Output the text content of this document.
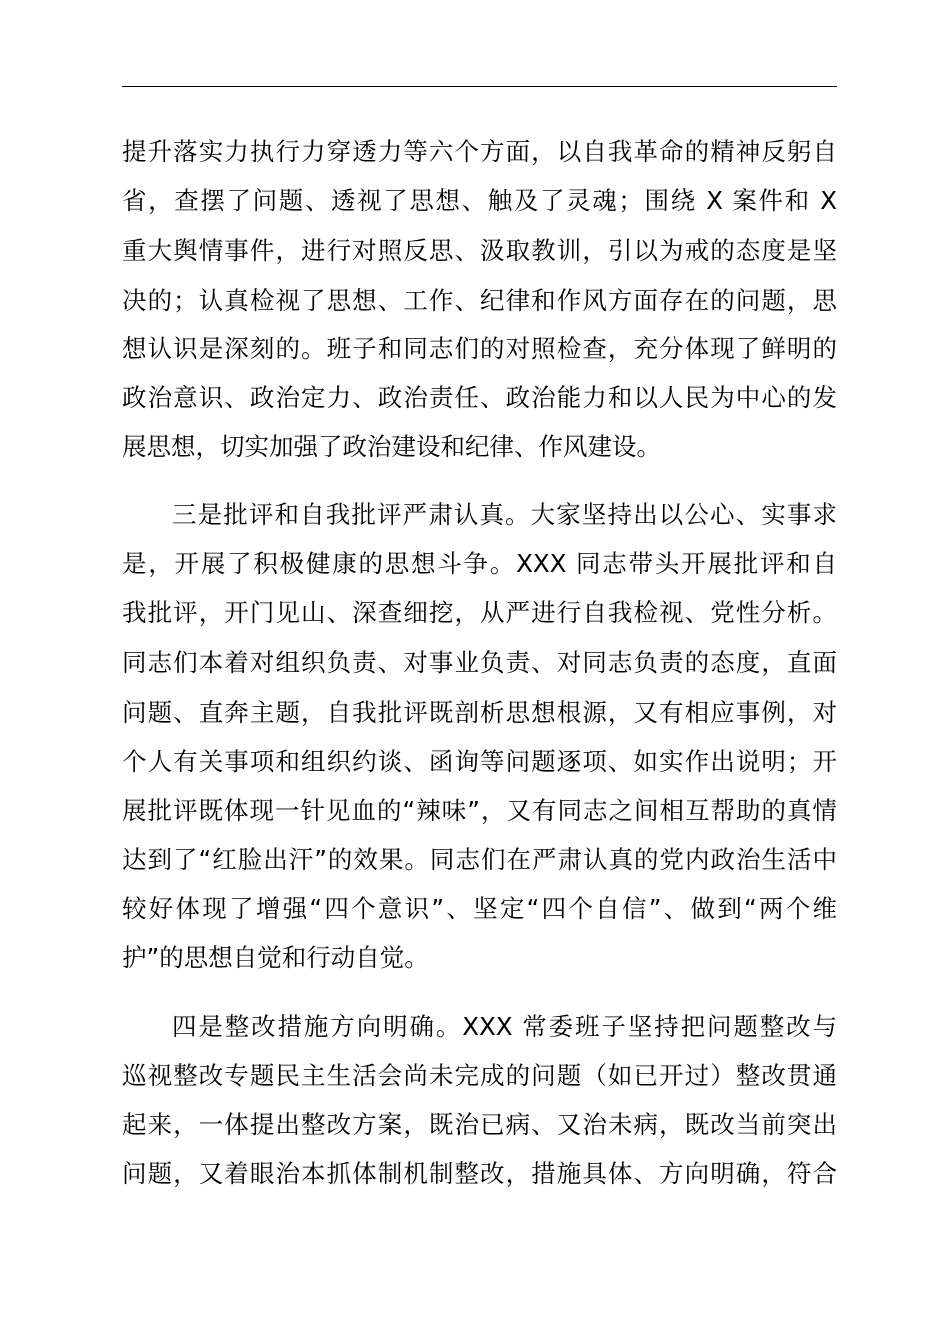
提升落实力执行力穿透力等六个方面，以自我革命的精神反躬自
省，查摆了问题、透视了思想、触及了灵魂；围绕 X 案件和 X
重大舆情事件，进行对照反思、汲取教训，引以为戒的态度是坚
决的；认真检视了思想、工作、纪律和作风方面存在的问题，思
想认识是深刻的。班子和同志们的对照检查，充分体现了鲜明的
政治意识、政治定力、政治责任、政治能力和以人民为中心的发
展思想，切实加强了政治建设和纪律、作风建设。
三是批评和自我批评严肃认真。大家坚持出以公心、实事求
是，开展了积极健康的思想斗争。XXX 同志带头开展批评和自
我批评，开门见山、深查细挖，从严进行自我检视、党性分析。
同志们本着对组织负责、对事业负责、对同志负责的态度，直面
问题、直奔主题，自我批评既剖析思想根源，又有相应事例，对
个人有关事项和组织约谈、函询等问题逐项、如实作出说明；开
展批评既体现一针见血的“辣味”，又有同志之间相互帮助的真情
达到了“红脸出汗”的效果。同志们在严肃认真的党内政治生活中
较好体现了增强“四个意识”、坚定“四个自信”、做到“两个维
护”的思想自觉和行动自觉。
四是整改措施方向明确。XXX 常委班子坚持把问题整改与
巡视整改专题民主生活会尚未完成的问题（如已开过）整改贯通
起来，一体提出整改方案，既治已病、又治未病，既改当前突出
问题，又着眼治本抓体制机制整改，措施具体、方向明确，符合
